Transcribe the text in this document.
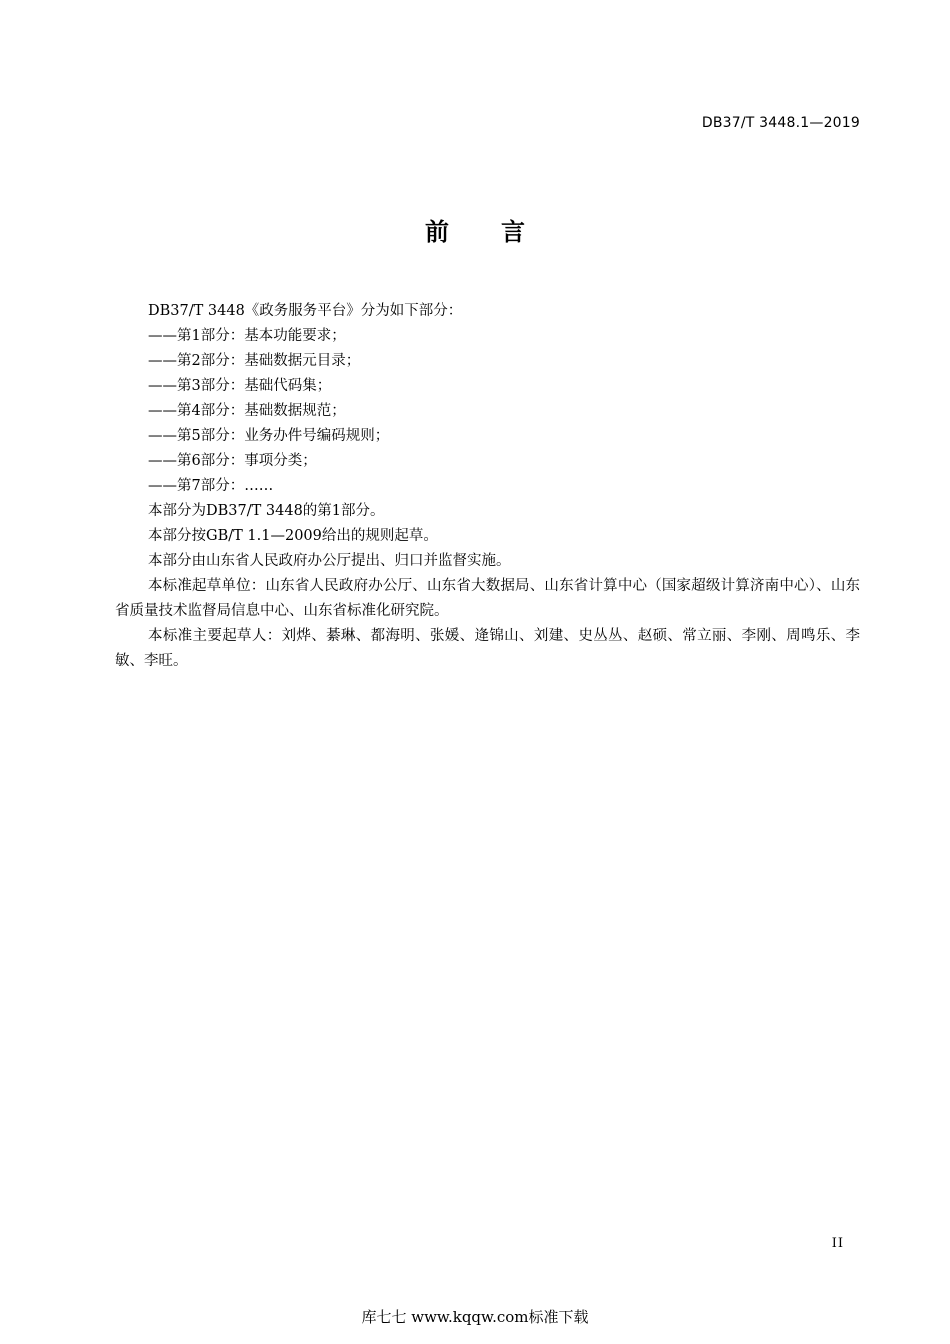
DB37/T 3448.1—2019
前 言
DB37/T 3448《政务服务平台》分为如下部分：
——第1部分：基本功能要求；
——第2部分：基础数据元目录；
——第3部分：基础代码集；
——第4部分：基础数据规范；
——第5部分：业务办件号编码规则；
——第6部分：事项分类；
——第7部分：……
本部分为DB37/T 3448的第1部分。
本部分按GB/T 1.1—2009给出的规则起草。
本部分由山东省人民政府办公厅提出、归口并监督实施。
本标准起草单位：山东省人民政府办公厅、山东省大数据局、山东省计算中心（国家超级计算济南中心）、山东省质量技术监督局信息中心、山东省标准化研究院。
本标准主要起草人：刘烨、綦琳、都海明、张媛、逄锦山、刘建、史丛丛、赵硕、常立丽、李刚、周鸣乐、李敏、李旺。
II
库七七 www.kqqw.com标准下载
